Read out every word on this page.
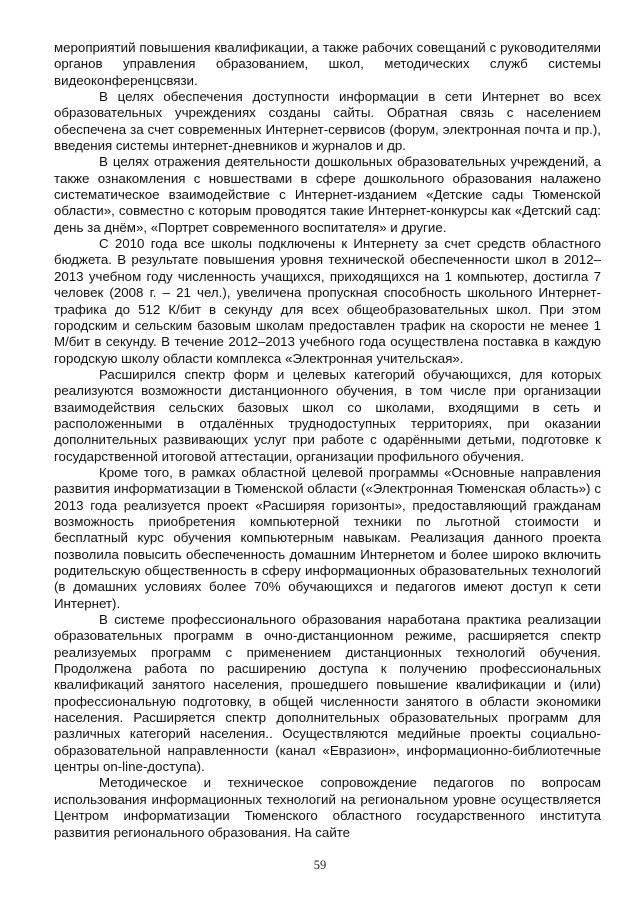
мероприятий повышения квалификации, а также рабочих совещаний с руководителями органов управления образованием, школ, методических служб системы видеоконференцсвязи.

В целях обеспечения доступности информации в сети Интернет во всех образовательных учреждениях созданы сайты. Обратная связь с населением обеспечена за счет современных Интернет-сервисов (форум, электронная почта и пр.), введения системы интернет-дневников и журналов и др.

В целях отражения деятельности дошкольных образовательных учреждений, а также ознакомления с новшествами в сфере дошкольного образования налажено систематическое взаимодействие с Интернет-изданием «Детские сады Тюменской области», совместно с которым проводятся такие Интернет-конкурсы как «Детский сад: день за днём», «Портрет современного воспитателя» и другие.

С 2010 года все школы подключены к Интернету за счет средств областного бюджета. В результате повышения уровня технической обеспеченности школ в 2012–2013 учебном году численность учащихся, приходящихся на 1 компьютер, достигла 7 человек (2008 г. – 21 чел.), увеличена пропускная способность школьного Интернет-трафика до 512 К/бит в секунду для всех общеобразовательных школ. При этом городским и сельским базовым школам предоставлен трафик на скорости не менее 1 М/бит в секунду. В течение 2012–2013 учебного года осуществлена поставка в каждую городскую школу области комплекса «Электронная учительская».

Расширился спектр форм и целевых категорий обучающихся, для которых реализуются возможности дистанционного обучения, в том числе при организации взаимодействия сельских базовых школ со школами, входящими в сеть и расположенными в отдалённых труднодоступных территориях, при оказании дополнительных развивающих услуг при работе с одарёнными детьми, подготовке к государственной итоговой аттестации, организации профильного обучения.

Кроме того, в рамках областной целевой программы «Основные направления развития информатизации в Тюменской области («Электронная Тюменская область») с 2013 года реализуется проект «Расширяя горизонты», предоставляющий гражданам возможность приобретения компьютерной техники по льготной стоимости и бесплатный курс обучения компьютерным навыкам. Реализация данного проекта позволила повысить обеспеченность домашним Интернетом и более широко включить родительскую общественность в сферу информационных образовательных технологий (в домашних условиях более 70% обучающихся и педагогов имеют доступ к сети Интернет).

В системе профессионального образования наработана практика реализации образовательных программ в очно-дистанционном режиме, расширяется спектр реализуемых программ с применением дистанционных технологий обучения. Продолжена работа по расширению доступа к получению профессиональных квалификаций занятого населения, прошедшего повышение квалификации и (или) профессиональную подготовку, в общей численности занятого в области экономики населения. Расширяется спектр дополнительных образовательных программ для различных категорий населения.. Осуществляются медийные проекты социально-образовательной направленности (канал «Евразион», информационно-библиотечные центры on-line-доступа).

Методическое и техническое сопровождение педагогов по вопросам использования информационных технологий на региональном уровне осуществляется Центром информатизации Тюменского областного государственного института развития регионального образования. На сайте

59
